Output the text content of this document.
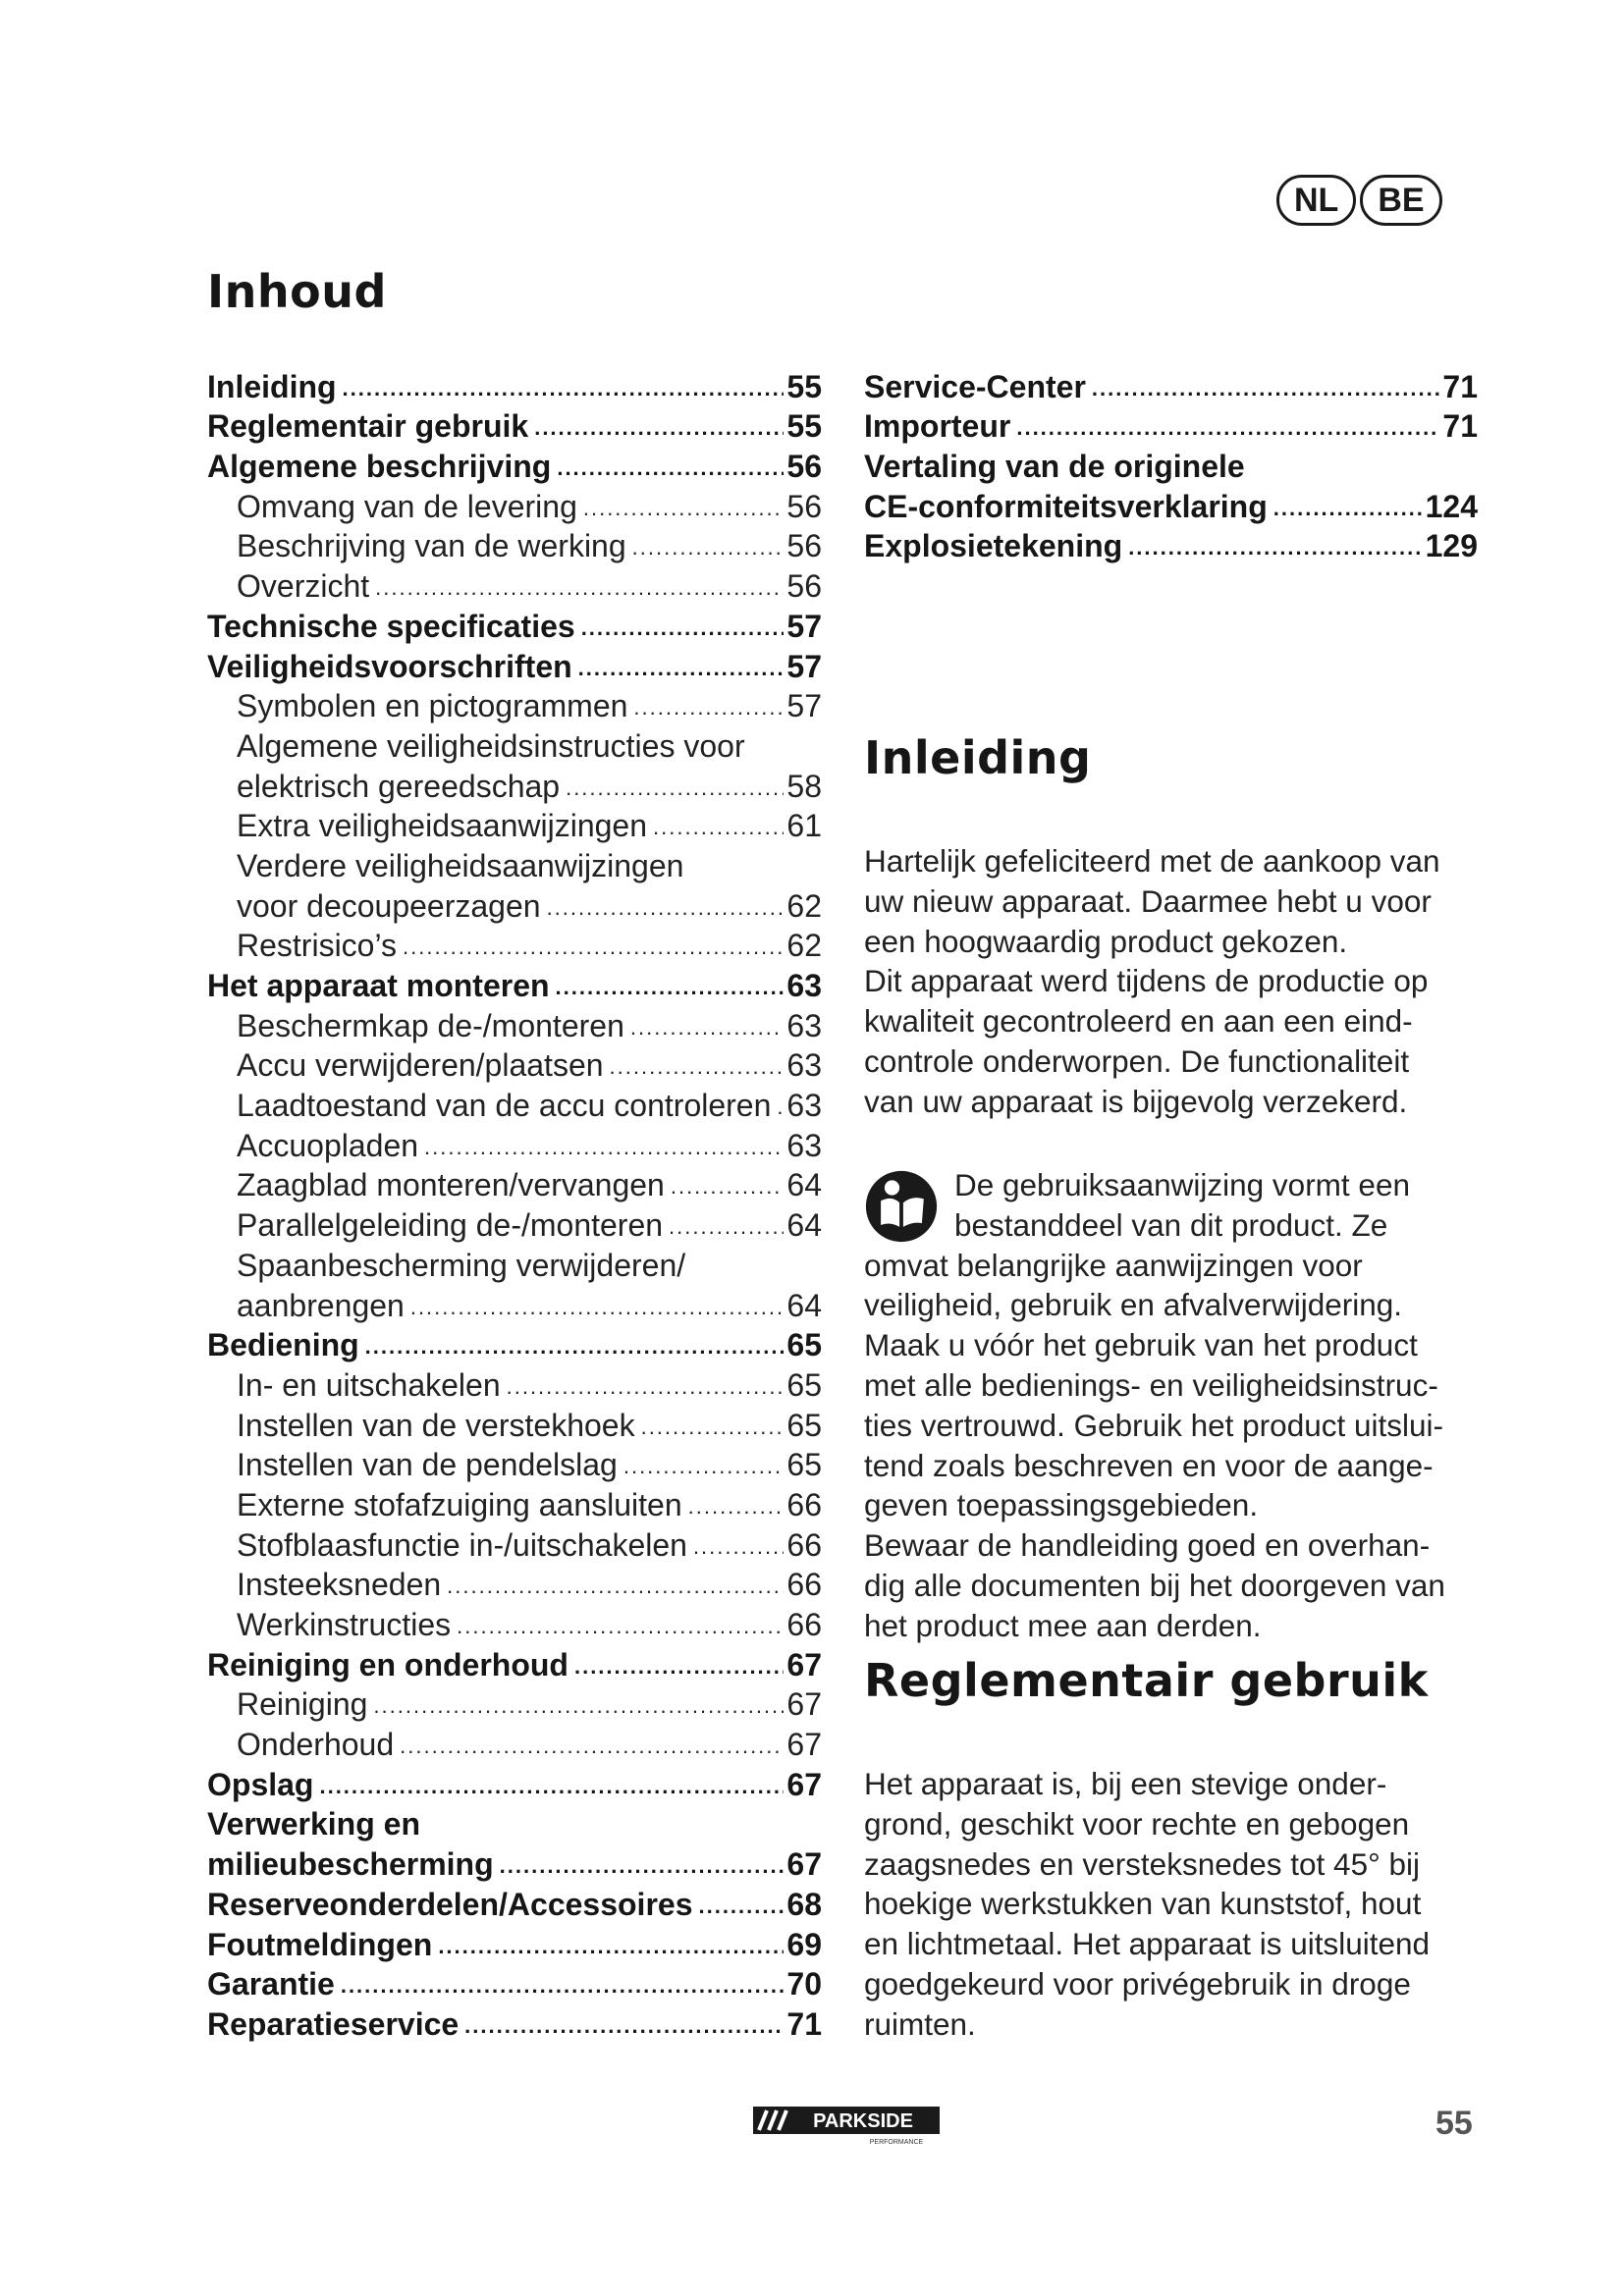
NL	BE
Inhoud
Inleiding .....	55
Reglementair gebruik .....	55
Algemene beschrijving .....	56
Omvang van de levering .....	56
Beschrijving van de werking .....	56
Overzicht .....	56
Technische specificaties .....	57
Veiligheidsvoorschriften .....	57
Symbolen en pictogrammen .....	57
Algemene veiligheidsinstructies voor
elektrisch gereedschap .....	58
Extra veiligheidsaanwijzingen .....	61
Verdere veiligheidsaanwijzingen
voor decoupeerzagen .....	62
Restrisico’s .....	62
Het apparaat monteren .....	63
Beschermkap de-/monteren .....	63
Accu verwijderen/plaatsen .....	63
Laadtoestand van de accu controleren ..... 63
Accuopladen .....	63
Zaagblad monteren/vervangen .....	64
Parallelgeleiding de-/monteren .....	64
Spaanbescherming verwijderen/
aanbrengen .....	64
Bediening .....	65
In- en uitschakelen .....	65
Instellen van de verstekhoek .....	65
Instellen van de pendelslag .....	65
Externe stofafzuiging aansluiten .....	66
Stofblaasfunctie in-/uitschakelen .....	66
Insteeksneden .....	66
Werkinstructies .....	66
Reiniging en onderhoud .....	67
Reiniging .....	67
Onderhoud .....	67
Opslag .....	67
Verwerking en
milieubescherming .....	67
Reserveonderdelen/Accessoires .....	68
Foutmeldingen .....	69
Garantie .....	70
Reparatieservice .....	71
Service-Center .....	71
Importeur .....	71
Vertaling van de originele
CE-conformiteitsverklaring .....	124
Explosietekening .....	129
Inleiding

Hartelijk gefeliciteerd met de aankoop van
uw nieuw apparaat. Daarmee hebt u voor
een hoogwaardig product gekozen.
Dit apparaat werd tijdens de productie op
kwaliteit gecontroleerd en aan een eind-
controle onderworpen. De functionaliteit
van uw apparaat is bijgevolg verzekerd.

De gebruiksaanwijzing vormt een
bestanddeel van dit product. Ze
omvat belangrijke aanwijzingen voor
veiligheid, gebruik en afvalverwijdering.
Maak u vóór het gebruik van het product
met alle bedienings- en veiligheidsinstruc-
ties vertrouwd. Gebruik het product uitslui-
tend zoals beschreven en voor de aange-
geven toepassingsgebieden.
Bewaar de handleiding goed en overhan-
dig alle documenten bij het doorgeven van
het product mee aan derden.

Reglementair gebruik

Het apparaat is, bij een stevige onder-
grond, geschikt voor rechte en gebogen
zaagsnedes en versteksnedes tot 45° bij
hoekige werkstukken van kunststof, hout
en lichtmetaal. Het apparaat is uitsluitend
goedgekeurd voor privégebruik in droge
ruimten.

PARKSIDE
PERFORMANCE
55
